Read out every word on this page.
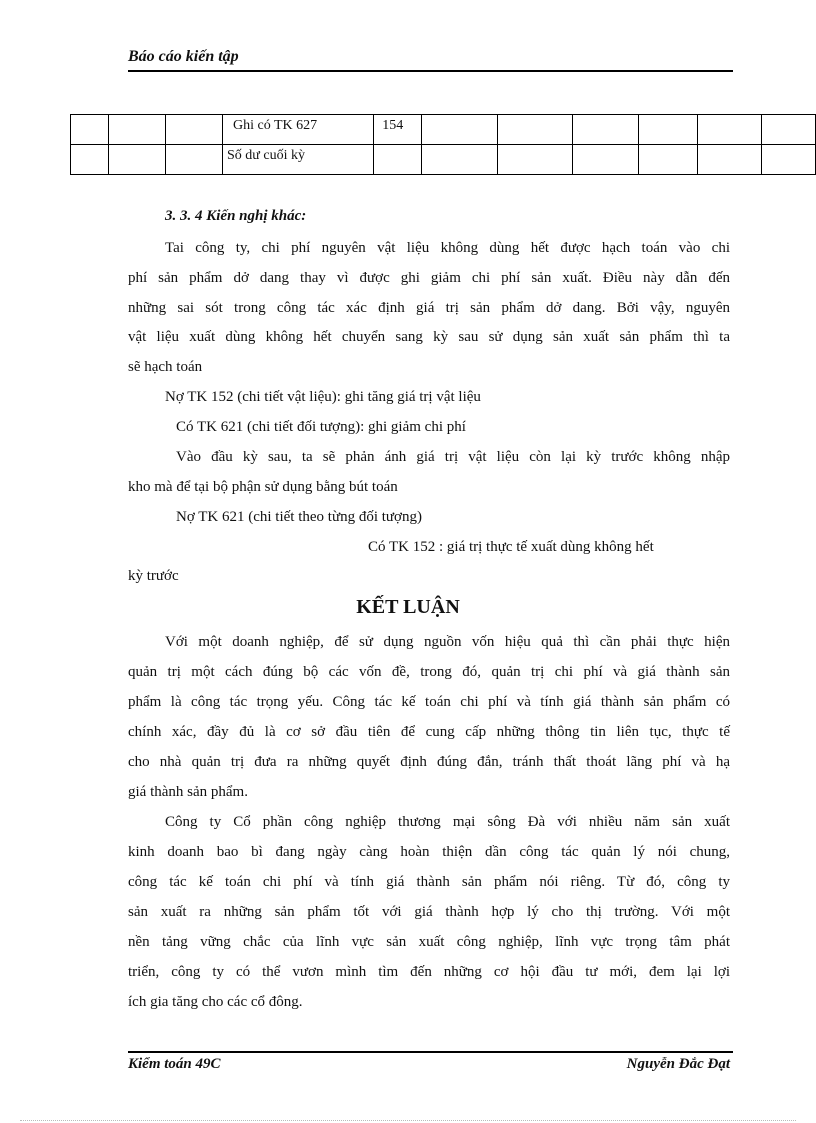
Báo cáo kiến tập

			Ghi có TK 627	154						

			Số dư cuối kỳ							

3. 3. 4 Kiến nghị khác:
Tai công ty, chi phí nguyên vật liệu không dùng hết được hạch toán vào chi
phí sản phẩm dở dang thay vì được ghi giảm chi phí sản xuất. Điều này dẫn đến
những sai sót trong công tác xác định giá trị sản phẩm dở dang. Bởi vậy, nguyên
vật liệu xuất dùng không hết chuyển sang kỳ sau sử dụng sản xuất sản phẩm thì ta
sẽ hạch toán
Nợ TK 152 (chi tiết vật liệu): ghi tăng giá trị vật liệu
Có TK 621 (chi tiết đối tượng): ghi giảm chi phí
Vào đầu kỳ sau, ta sẽ phản ánh giá trị vật liệu còn lại kỳ trước không nhập
kho mà để tại bộ phận sử dụng bằng bút toán
Nợ TK 621 (chi tiết theo từng đối tượng)
Có TK 152 : giá trị thực tế xuất dùng không hết
kỳ trước
KẾT LUẬN
Với một doanh nghiệp, để sử dụng nguồn vốn hiệu quả thì cần phải thực hiện
quản trị một cách đúng bộ các vốn đề, trong đó, quản trị chi phí và giá thành sản
phẩm là công tác trọng yếu. Công tác kế toán chi phí và tính giá thành sản phẩm có
chính xác, đầy đủ là cơ sở đầu tiên để cung cấp những thông tin liên tục, thực tế
cho nhà quản trị đưa ra những quyết định đúng đắn, tránh thất thoát lãng phí và hạ
giá thành sản phẩm.
Công ty Cổ phần công nghiệp thương mại sông Đà với nhiều năm sản xuất
kinh doanh bao bì đang ngày càng hoàn thiện dần công tác quản lý nói chung,
công tác kế toán chi phí và tính giá thành sản phẩm nói riêng. Từ đó, công ty
sản xuất ra những sản phẩm tốt với giá thành hợp lý cho thị trường. Với một
nền tảng vững chắc của lĩnh vực sản xuất công nghiệp, lĩnh vực trọng tâm phát
triển, công ty có thể vươn mình tìm đến những cơ hội đầu tư mới, đem lại lợi
ích gia tăng cho các cổ đông.
Kiểm toán 49C	Nguyễn Đắc Đạt
